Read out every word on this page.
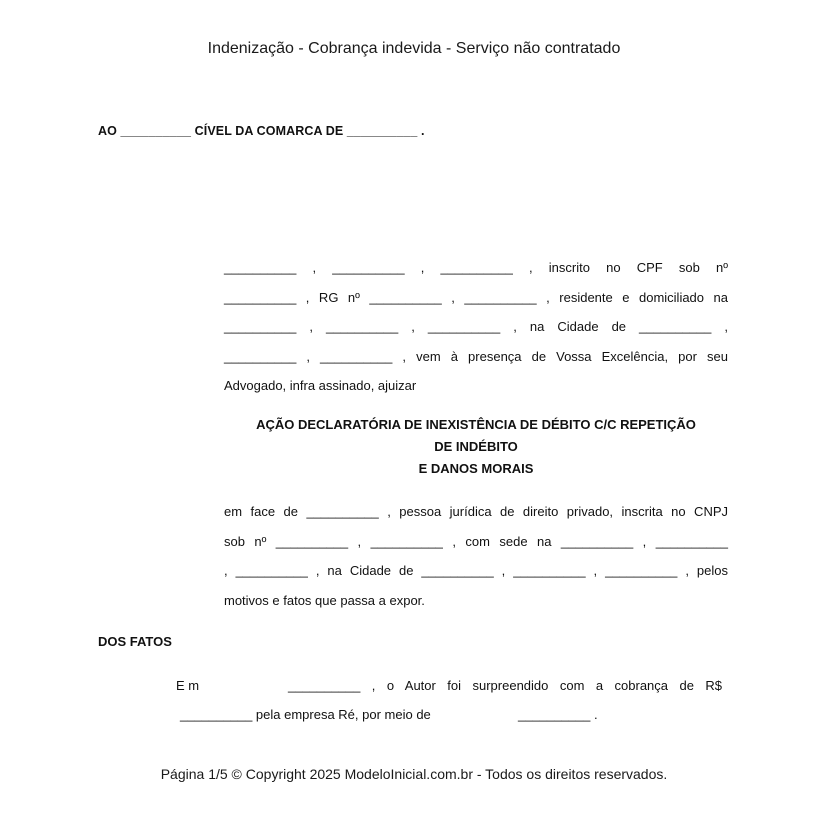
Indenização - Cobrança indevida - Serviço não contratado
AO __________ CÍVEL DA COMARCA DE __________ .
__________ , __________ , __________ , inscrito no CPF sob nº
__________ , RG nº __________ , __________ , residente e domiciliado na
__________ , __________ , __________ , na Cidade de __________ ,
__________ , __________ , vem à presença de Vossa Excelência, por seu
Advogado, infra assinado, ajuizar
AÇÃO DECLARATÓRIA DE INEXISTÊNCIA DE DÉBITO C/C REPETIÇÃO
DE INDÉBITO
E DANOS MORAIS
em face de __________ , pessoa jurídica de direito privado, inscrita no CNPJ
sob nº __________ , __________ , com sede na __________ , __________
, __________ , na Cidade de __________ , __________ , __________ , pelos
motivos e fatos que passa a expor.
DOS FATOS
E m	__________ , o Autor foi surpreendido com a cobrança de R$
__________ pela empresa Ré, por meio de	__________ .
Página 1/5 © Copyright 2025 ModeloInicial.com.br - Todos os direitos reservados.
